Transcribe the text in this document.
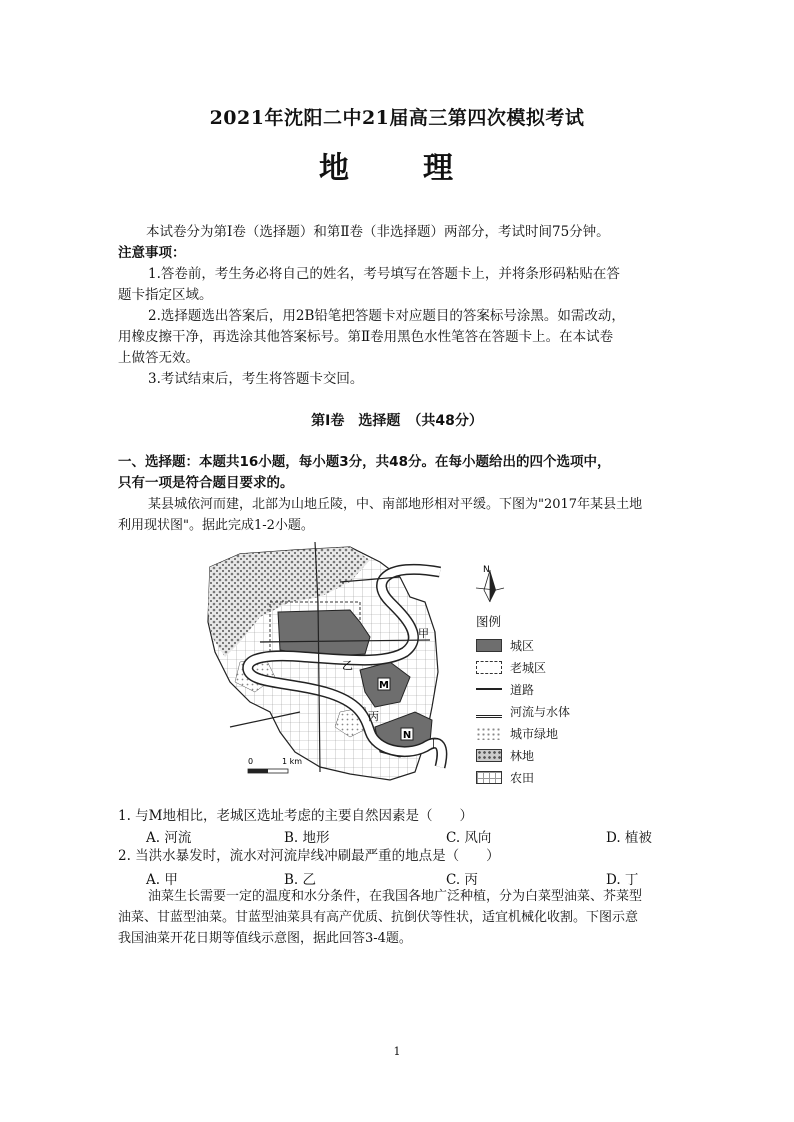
2021年沈阳二中21届高三第四次模拟考试
地　理
本试卷分为第Ⅰ卷（选择题）和第Ⅱ卷（非选择题）两部分，考试时间75分钟。
注意事项：
1.答卷前，考生务必将自己的姓名，考号填写在答题卡上，并将条形码粘贴在答
题卡指定区域。
2.选择题选出答案后，用2B铅笔把答题卡对应题目的答案标号涂黑。如需改动，
用橡皮擦干净，再选涂其他答案标号。第Ⅱ卷用黑色水性笔答在答题卡上。在本试卷
上做答无效。
3.考试结束后，考生将答题卡交回。
第Ⅰ卷　选择题　（共48分）
一、选择题：本题共16小题，每小题3分，共48分。在每小题给出的四个选项中，
只有一项是符合题目要求的。
某县城依河而建，北部为山地丘陵，中、南部地形相对平缓。下图为"2017年某县土地
利用现状图"。据此完成1-2小题。
M
N
甲
乙
丙
丁
0	1 km
N
图例
城区
老城区
道路
河流与水体
城市绿地
林地
农田
1. 与M地相比，老城区选址考虑的主要自然因素是（　　）
A. 河流	B. 地形	C. 风向	D. 植被
2. 当洪水暴发时，流水对河流岸线冲刷最严重的地点是（　　）
A. 甲	B. 乙	C. 丙	D. 丁
油菜生长需要一定的温度和水分条件，在我国各地广泛种植，分为白菜型油菜、芥菜型
油菜、甘蓝型油菜。甘蓝型油菜具有高产优质、抗倒伏等性状，适宜机械化收割。下图示意
我国油菜开花日期等值线示意图，据此回答3-4题。
1
